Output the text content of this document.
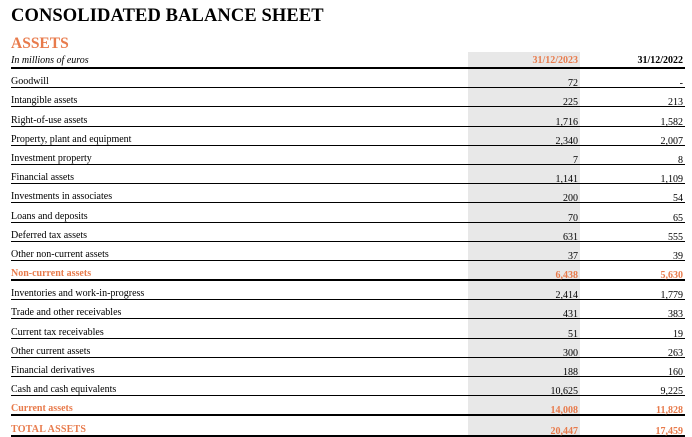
CONSOLIDATED BALANCE SHEET
ASSETS
In millions of euros	31/12/2023	31/12/2022
Goodwill	72	-
Intangible assets	225	213
Right-of-use assets	1,716	1,582
Property, plant and equipment	2,340	2,007
Investment property	7	8
Financial assets	1,141	1,109
Investments in associates	200	54
Loans and deposits	70	65
Deferred tax assets	631	555
Other non-current assets	37	39
Non-current assets	6,438	5,630
Inventories and work-in-progress	2,414	1,779
Trade and other receivables	431	383
Current tax receivables	51	19
Other current assets	300	263
Financial derivatives	188	160
Cash and cash equivalents	10,625	9,225
Current assets	14,008	11,828
TOTAL ASSETS	20,447	17,459
